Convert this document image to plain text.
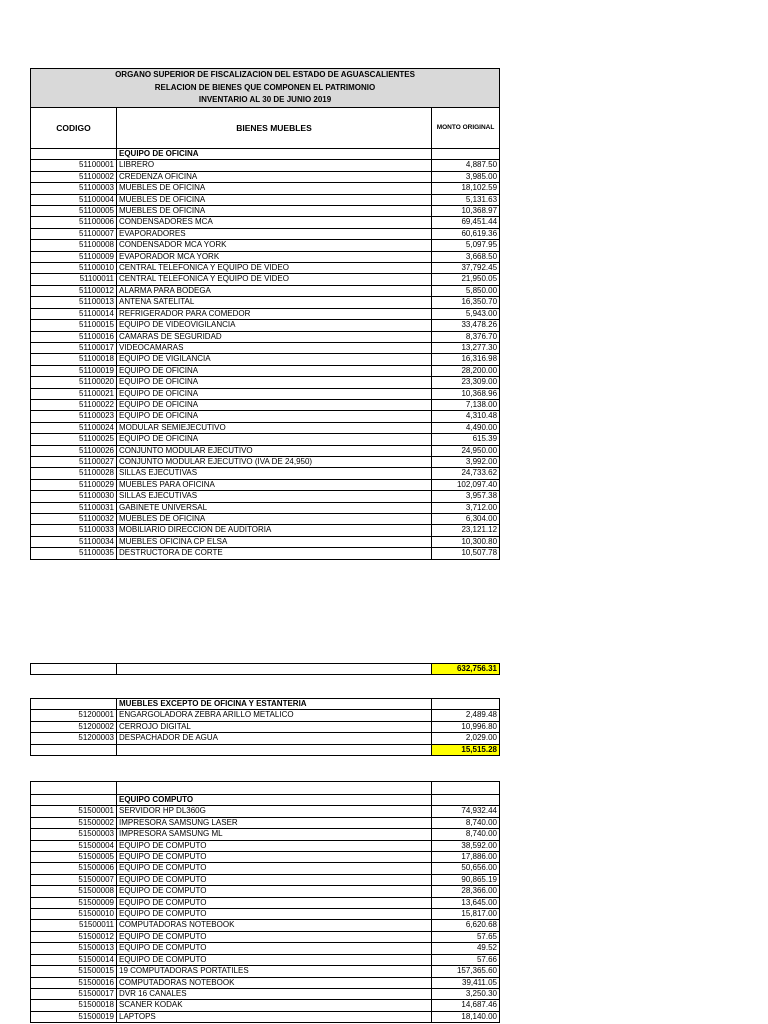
ORGANO SUPERIOR DE FISCALIZACION DEL ESTADO DE AGUASCALIENTES
RELACION DE BIENES QUE COMPONEN EL PATRIMONIO
INVENTARIO AL 30 DE JUNIO 2019		

CODIGO	BIENES MUEBLES	MONTO ORIGINAL
	EQUIPO DE OFICINA	
51100001	LIBRERO	4,887.50
51100002	CREDENZA OFICINA	3,985.00
51100003	MUEBLES DE OFICINA	18,102.59
51100004	MUEBLES DE OFICINA	5,131.63
51100005	MUEBLES DE OFICINA	10,368.97
51100006	CONDENSADORES MCA	69,451.44
51100007	EVAPORADORES	60,619.36
51100008	CONDENSADOR MCA YORK	5,097.95
51100009	EVAPORADOR MCA YORK	3,668.50
51100010	CENTRAL TELEFONICA Y EQUIPO DE VIDEO	37,792.45
51100011	CENTRAL TELEFONICA Y EQUIPO DE VIDEO	21,950.05
51100012	ALARMA PARA BODEGA	5,850.00
51100013	ANTENA SATELITAL	16,350.70
51100014	REFRIGERADOR PARA COMEDOR	5,943.00
51100015	EQUIPO DE VIDEOVIGILANCIA	33,478.26
51100016	CAMARAS DE SEGURIDAD	8,376.70
51100017	VIDEOCAMARAS	13,277.30
51100018	EQUIPO DE VIGILANCIA	16,316.98
51100019	EQUIPO DE OFICINA	28,200.00
51100020	EQUIPO DE OFICINA	23,309.00
51100021	EQUIPO DE OFICINA	10,368.96
51100022	EQUIPO DE OFICINA	7,138.00
51100023	EQUIPO DE OFICINA	4,310.48
51100024	MODULAR SEMIEJECUTIVO	4,490.00
51100025	EQUIPO DE OFICINA	615.39
51100026	CONJUNTO MODULAR EJECUTIVO	24,950.00
51100027	CONJUNTO MODULAR EJECUTIVO (IVA DE 24,950)	3,992.00
51100028	SILLAS EJECUTIVAS	24,733.62
51100029	MUEBLES PARA OFICINA	102,097.40
51100030	SILLAS EJECUTIVAS	3,957.38
51100031	GABINETE UNIVERSAL	3,712.00
51100032	MUEBLES DE OFICINA	6,304.00
51100033	MOBILIARIO DIRECCION DE AUDITORIA	23,121.12
51100034	MUEBLES OFICINA CP ELSA	10,300.80
51100035	DESTRUCTORA DE CORTE	10,507.78
		632,756.31
	MUEBLES EXCEPTO DE OFICINA Y ESTANTERIA	
51200001	ENGARGOLADORA ZEBRA ARILLO METALICO	2,489.48
51200002	CERROJO DIGITAL	10,996.80
51200003	DESPACHADOR DE AGUA	2,029.00
		15,515.28

	EQUIPO COMPUTO	
51500001	SERVIDOR HP DL360G	74,932.44
51500002	IMPRESORA SAMSUNG LASER	8,740.00
51500003	IMPRESORA SAMSUNG ML	8,740.00
51500004	EQUIPO DE COMPUTO	38,592.00
51500005	EQUIPO DE COMPUTO	17,886.00
51500006	EQUIPO DE COMPUTO	50,656.00
51500007	EQUIPO DE COMPUTO	90,865.19
51500008	EQUIPO DE COMPUTO	28,366.00
51500009	EQUIPO DE COMPUTO	13,645.00
51500010	EQUIPO DE COMPUTO	15,817.00
51500011	COMPUTADORAS NOTEBOOK	6,620.68
51500012	EQUIPO DE COMPUTO	57.65
51500013	EQUIPO DE COMPUTO	49.52
51500014	EQUIPO DE COMPUTO	57.66
51500015	19 COMPUTADORAS PORTATILES	157,365.60
51500016	COMPUTADORAS NOTEBOOK	39,411.05
51500017	DVR 16 CANALES	3,250.30
51500018	SCANER KODAK	14,687.46
51500019	LAPTOPS	18,140.00
